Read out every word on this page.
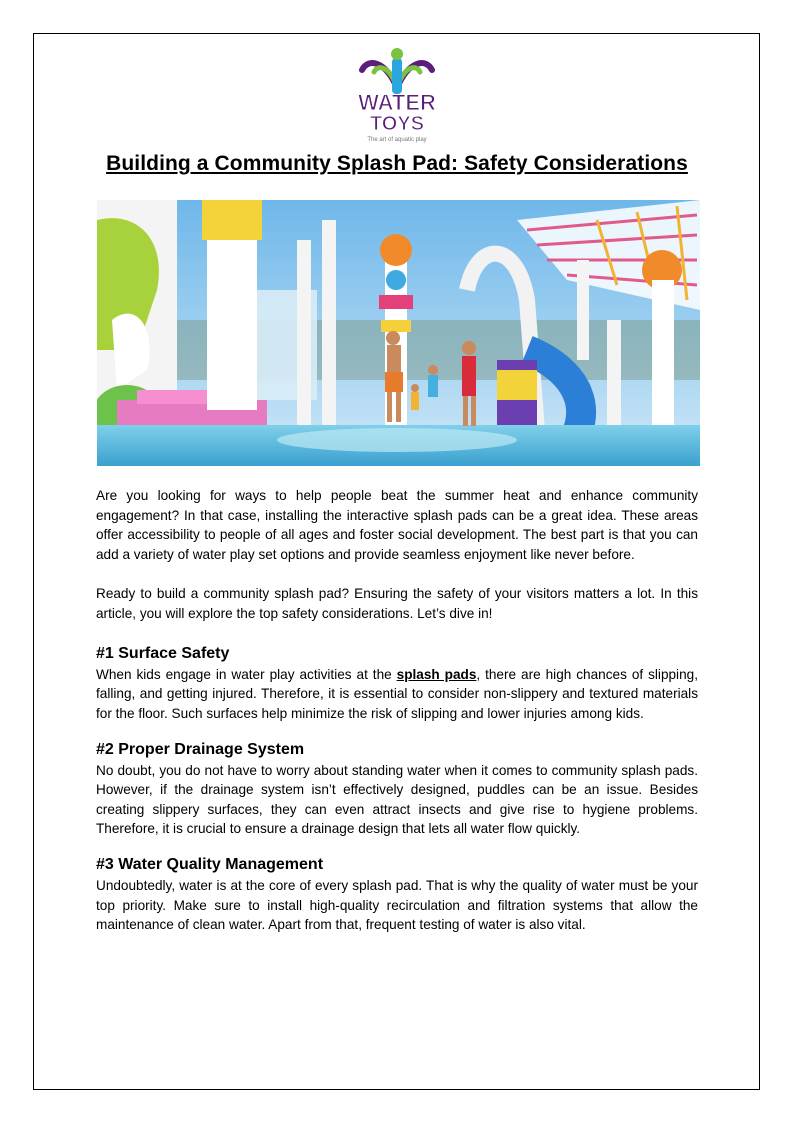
WATER
TOYS
The art of aquatic play
Building a Community Splash Pad: Safety Considerations

Are you looking for ways to help people beat the summer heat and enhance community engagement? In that case, installing the interactive splash pads can be a great idea. These areas offer accessibility to people of all ages and foster social development. The best part is that you can add a variety of water play set options and provide seamless enjoyment like never before.

Ready to build a community splash pad? Ensuring the safety of your visitors matters a lot. In this article, you will explore the top safety considerations. Let’s dive in!

#1 Surface Safety

When kids engage in water play activities at the splash pads, there are high chances of slipping, falling, and getting injured. Therefore, it is essential to consider non-slippery and textured materials for the floor. Such surfaces help minimize the risk of slipping and lower injuries among kids.

#2 Proper Drainage System

No doubt, you do not have to worry about standing water when it comes to community splash pads. However, if the drainage system isn’t effectively designed, puddles can be an issue. Besides creating slippery surfaces, they can even attract insects and give rise to hygiene problems. Therefore, it is crucial to ensure a drainage design that lets all water flow quickly.

#3 Water Quality Management

Undoubtedly, water is at the core of every splash pad. That is why the quality of water must be your top priority. Make sure to install high-quality recirculation and filtration systems that allow the maintenance of clean water. Apart from that, frequent testing of water is also vital.
